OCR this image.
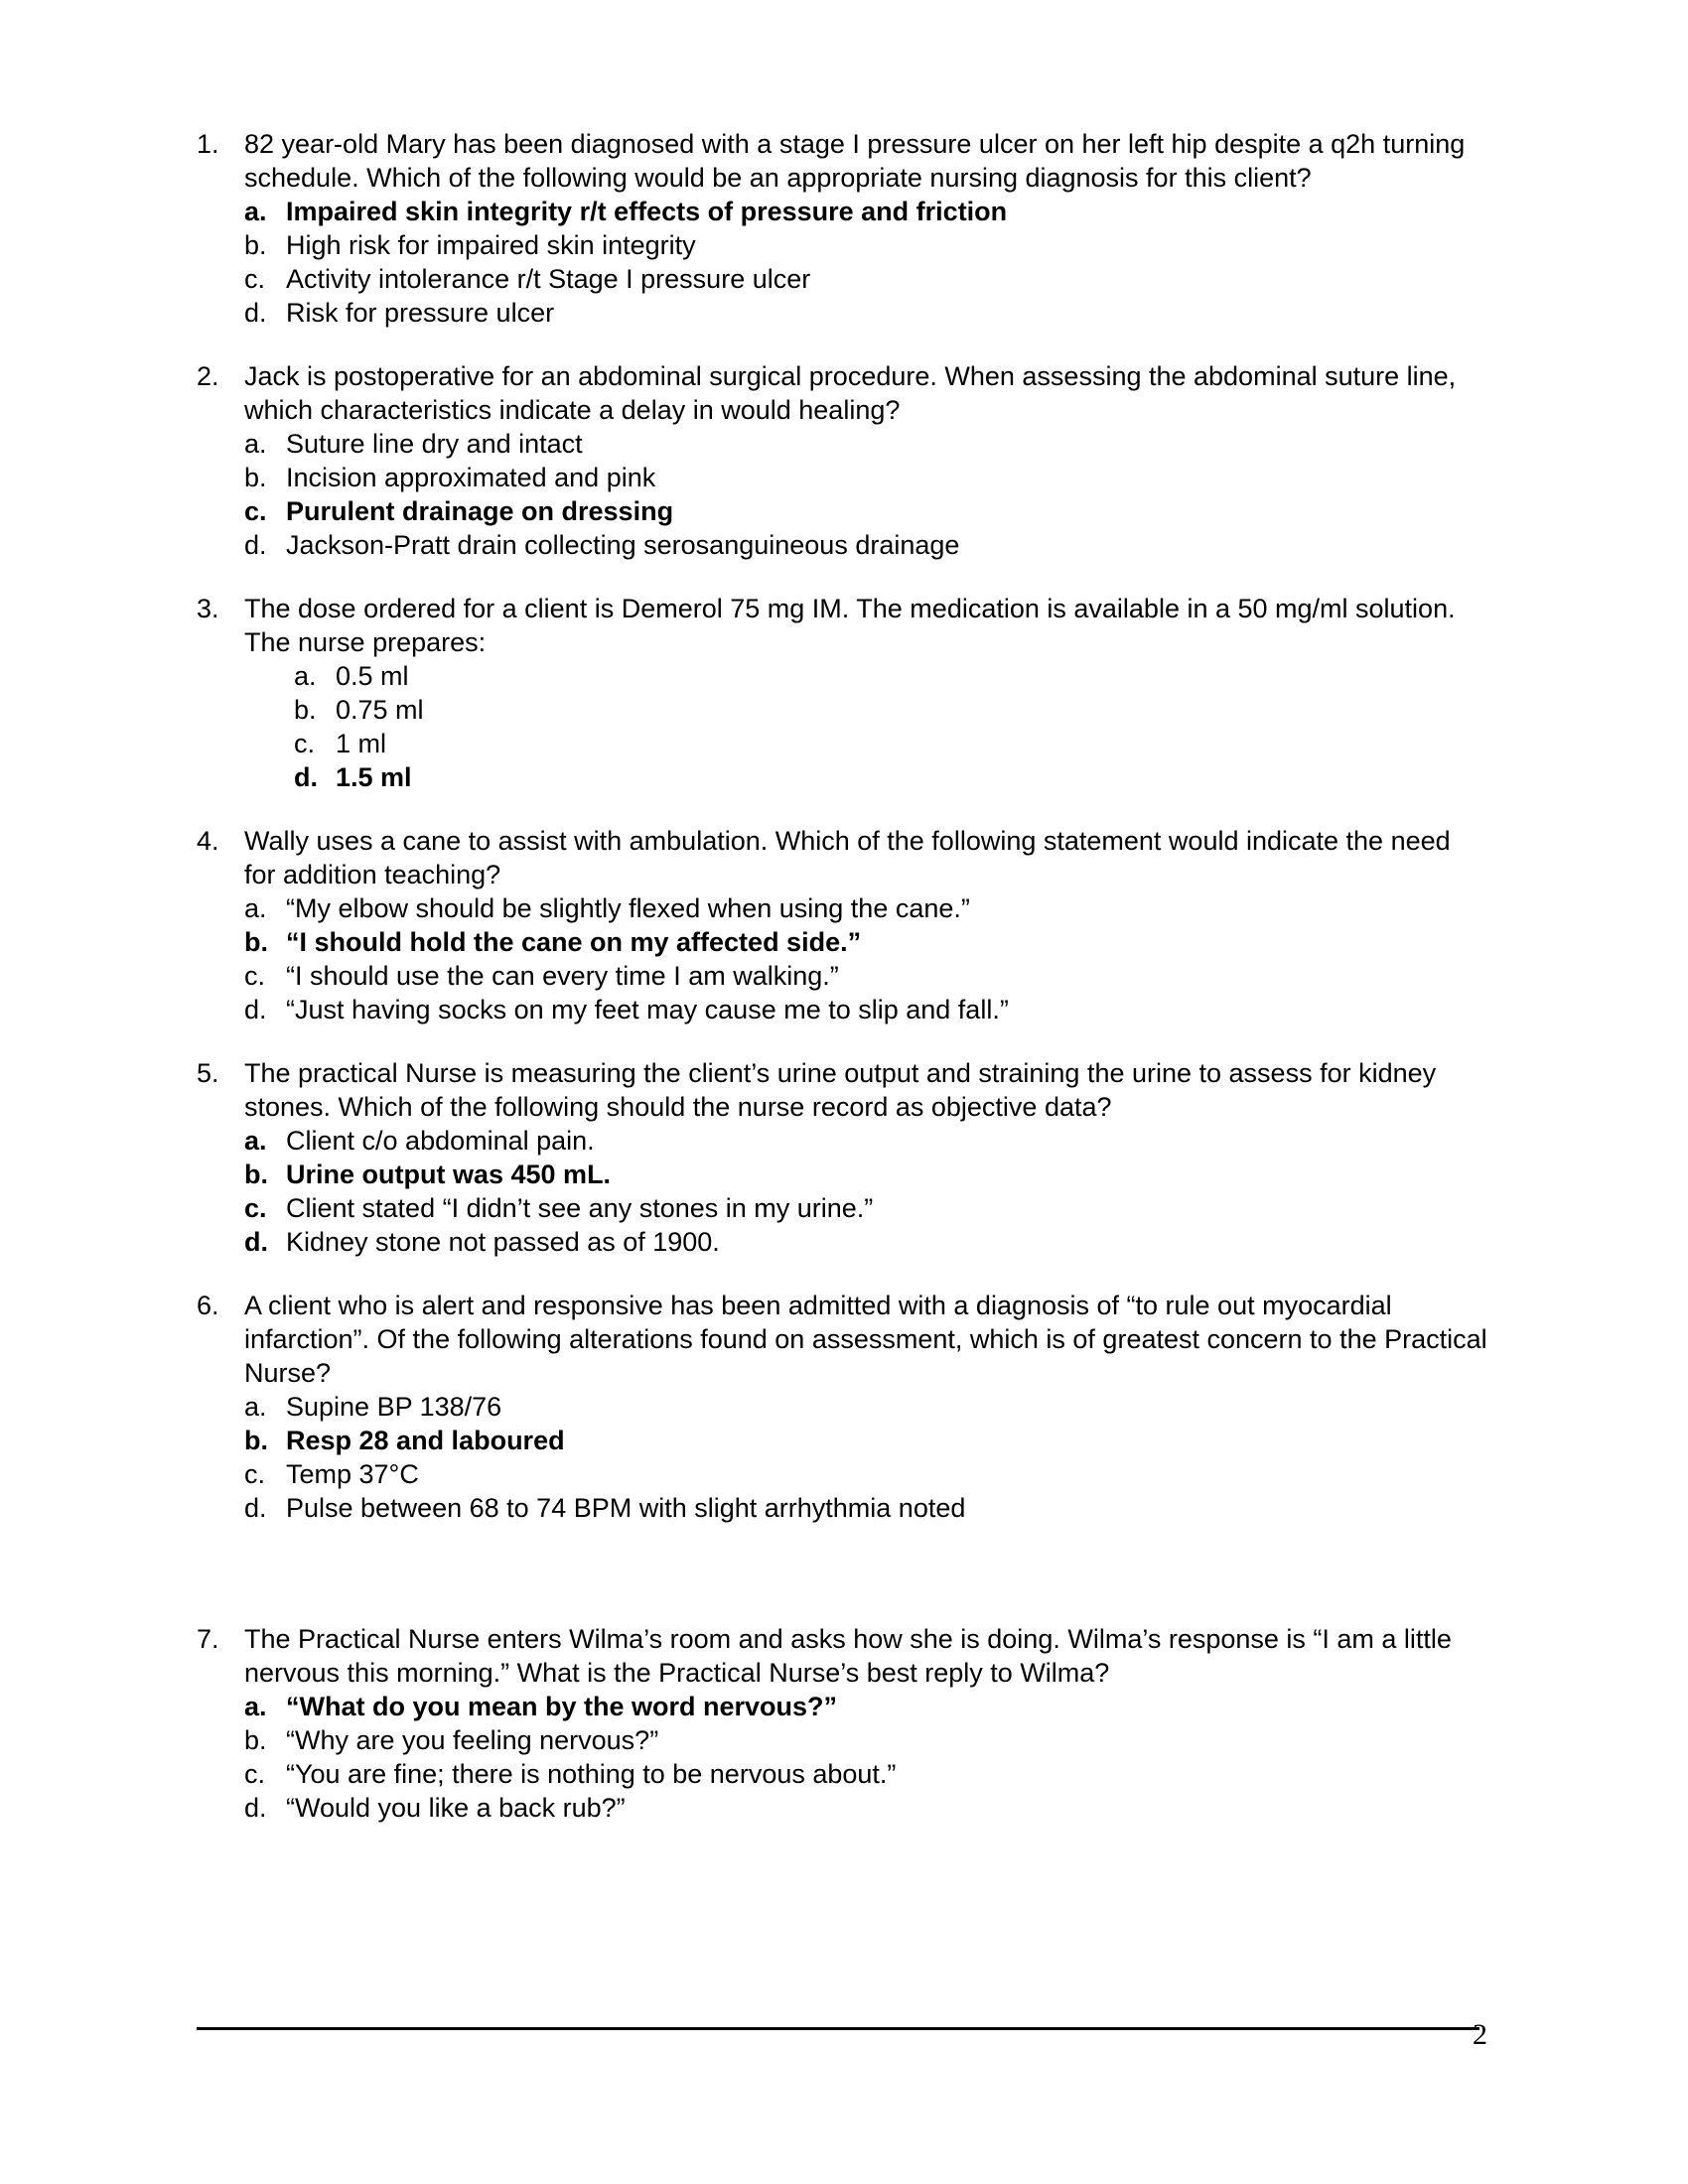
1. 82 year-old Mary has been diagnosed with a stage I pressure ulcer on her left hip despite a q2h turning schedule. Which of the following would be an appropriate nursing diagnosis for this client?
a. Impaired skin integrity r/t effects of pressure and friction
b. High risk for impaired skin integrity
c. Activity intolerance r/t Stage I pressure ulcer
d. Risk for pressure ulcer
2. Jack is postoperative for an abdominal surgical procedure. When assessing the abdominal suture line, which characteristics indicate a delay in would healing?
a. Suture line dry and intact
b. Incision approximated and pink
c. Purulent drainage on dressing
d. Jackson-Pratt drain collecting serosanguineous drainage
3. The dose ordered for a client is Demerol 75 mg IM. The medication is available in a 50 mg/ml solution. The nurse prepares:
a. 0.5 ml
b. 0.75 ml
c. 1 ml
d. 1.5 ml
4. Wally uses a cane to assist with ambulation. Which of the following statement would indicate the need for addition teaching?
a. “My elbow should be slightly flexed when using the cane.”
b. “I should hold the cane on my affected side.”
c. “I should use the can every time I am walking.”
d. “Just having socks on my feet may cause me to slip and fall.”
5. The practical Nurse is measuring the client’s urine output and straining the urine to assess for kidney stones. Which of the following should the nurse record as objective data?
a. Client c/o abdominal pain.
b. Urine output was 450 mL.
c. Client stated “I didn’t see any stones in my urine.”
d. Kidney stone not passed as of 1900.
6. A client who is alert and responsive has been admitted with a diagnosis of “to rule out myocardial infarction”. Of the following alterations found on assessment, which is of greatest concern to the Practical Nurse?
a. Supine BP 138/76
b. Resp 28 and laboured
c. Temp 37°C
d. Pulse between 68 to 74 BPM with slight arrhythmia noted
7. The Practical Nurse enters Wilma’s room and asks how she is doing. Wilma’s response is “I am a little nervous this morning.” What is the Practical Nurse’s best reply to Wilma?
a. “What do you mean by the word nervous?”
b. “Why are you feeling nervous?”
c. “You are fine; there is nothing to be nervous about.”
d. “Would you like a back rub?”
2
